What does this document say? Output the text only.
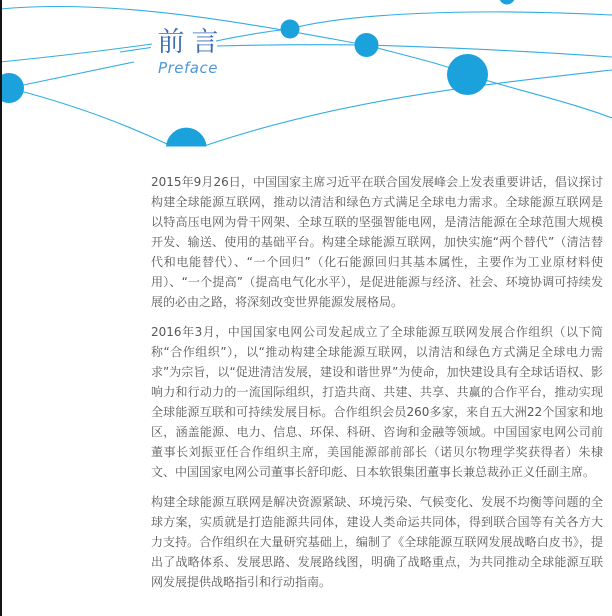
前言
Preface

2015年9月26日，中国国家主席习近平在联合国发展峰会上发表重要讲话，倡议探讨构建全球能源互联网，推动以清洁和绿色方式满足全球电力需求。全球能源互联网是以特高压电网为骨干网架、全球互联的坚强智能电网，是清洁能源在全球范围大规模开发、输送、使用的基础平台。构建全球能源互联网，加快实施“两个替代”（清洁替代和电能替代）、“一个回归”（化石能源回归其基本属性，主要作为工业原材料使用）、“一个提高”（提高电气化水平），是促进能源与经济、社会、环境协调可持续发展的必由之路，将深刻改变世界能源发展格局。

2016年3月，中国国家电网公司发起成立了全球能源互联网发展合作组织（以下简称“合作组织”），以“推动构建全球能源互联网，以清洁和绿色方式满足全球电力需求”为宗旨，以“促进清洁发展，建设和谐世界”为使命，加快建设具有全球话语权、影响力和行动力的一流国际组织，打造共商、共建、共享、共赢的合作平台，推动实现全球能源互联和可持续发展目标。合作组织会员260多家，来自五大洲22个国家和地区，涵盖能源、电力、信息、环保、科研、咨询和金融等领域。中国国家电网公司前董事长刘振亚任合作组织主席，美国能源部前部长（诺贝尔物理学奖获得者）朱棣文、中国国家电网公司董事长舒印彪、日本软银集团董事长兼总裁孙正义任副主席。

构建全球能源互联网是解决资源紧缺、环境污染、气候变化、发展不均衡等问题的全球方案，实质就是打造能源共同体，建设人类命运共同体，得到联合国等有关各方大力支持。合作组织在大量研究基础上，编制了《全球能源互联网发展战略白皮书》，提出了战略体系、发展思路、发展路线图，明确了战略重点，为共同推动全球能源互联网发展提供战略指引和行动指南。
